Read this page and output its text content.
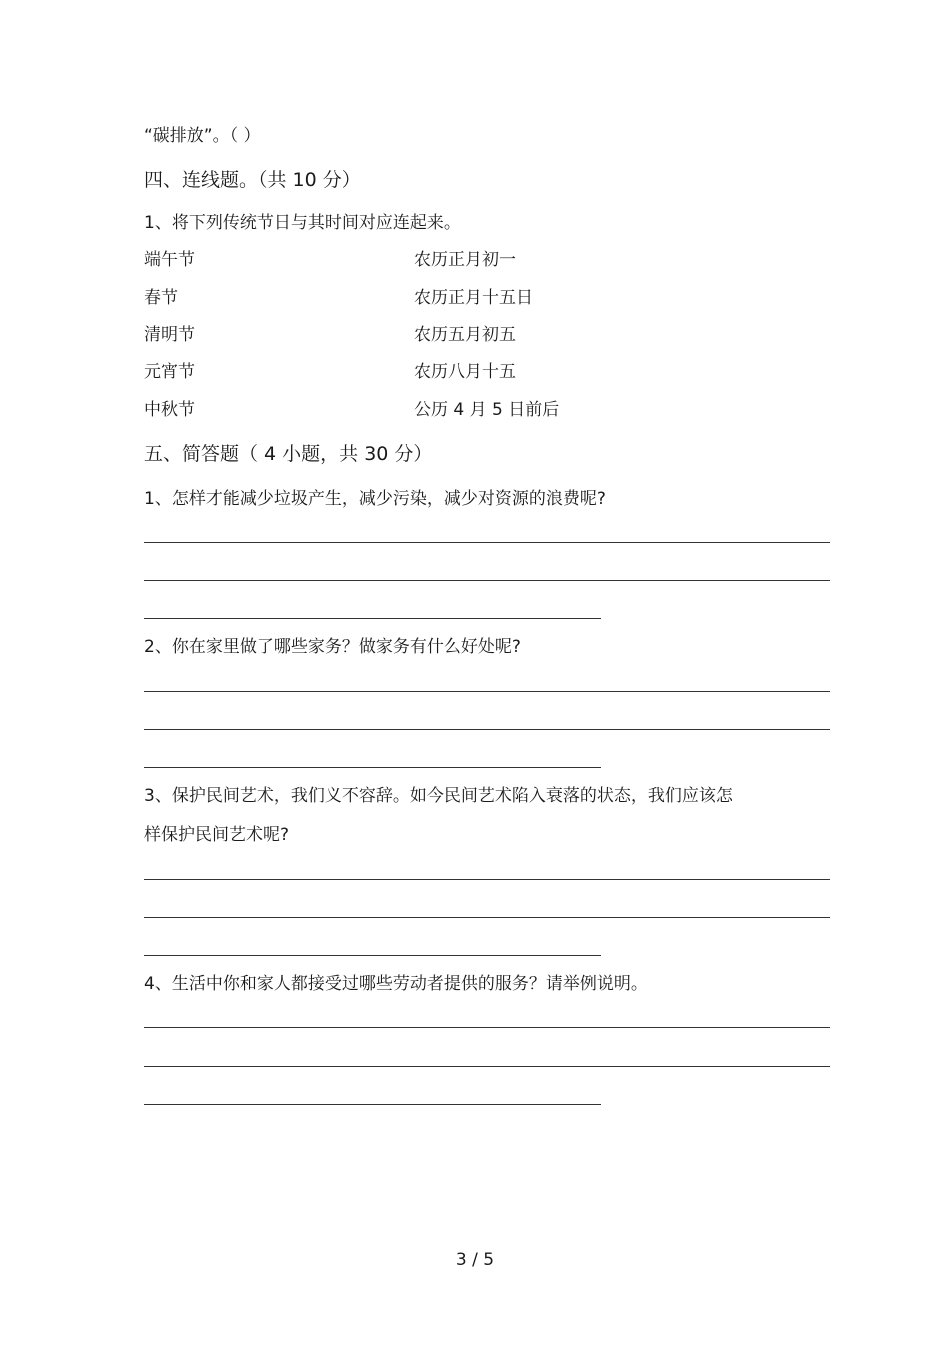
“碳排放”。（ ）
四、连线题。（共 10 分）
1、将下列传统节日与其时间对应连起来。
端午节	农历正月初一
春节	农历正月十五日
清明节	农历五月初五
元宵节	农历八月十五
中秋节	公历 4 月 5 日前后
五、简答题（ 4 小题，共 30 分）
1、怎样才能减少垃圾产生，减少污染，减少对资源的浪费呢?
2、你在家里做了哪些家务？做家务有什么好处呢?
3、保护民间艺术，我们义不容辞。如今民间艺术陷入衰落的状态，我们应该怎
样保护民间艺术呢?
4、生活中你和家人都接受过哪些劳动者提供的服务？请举例说明。
3 / 5
